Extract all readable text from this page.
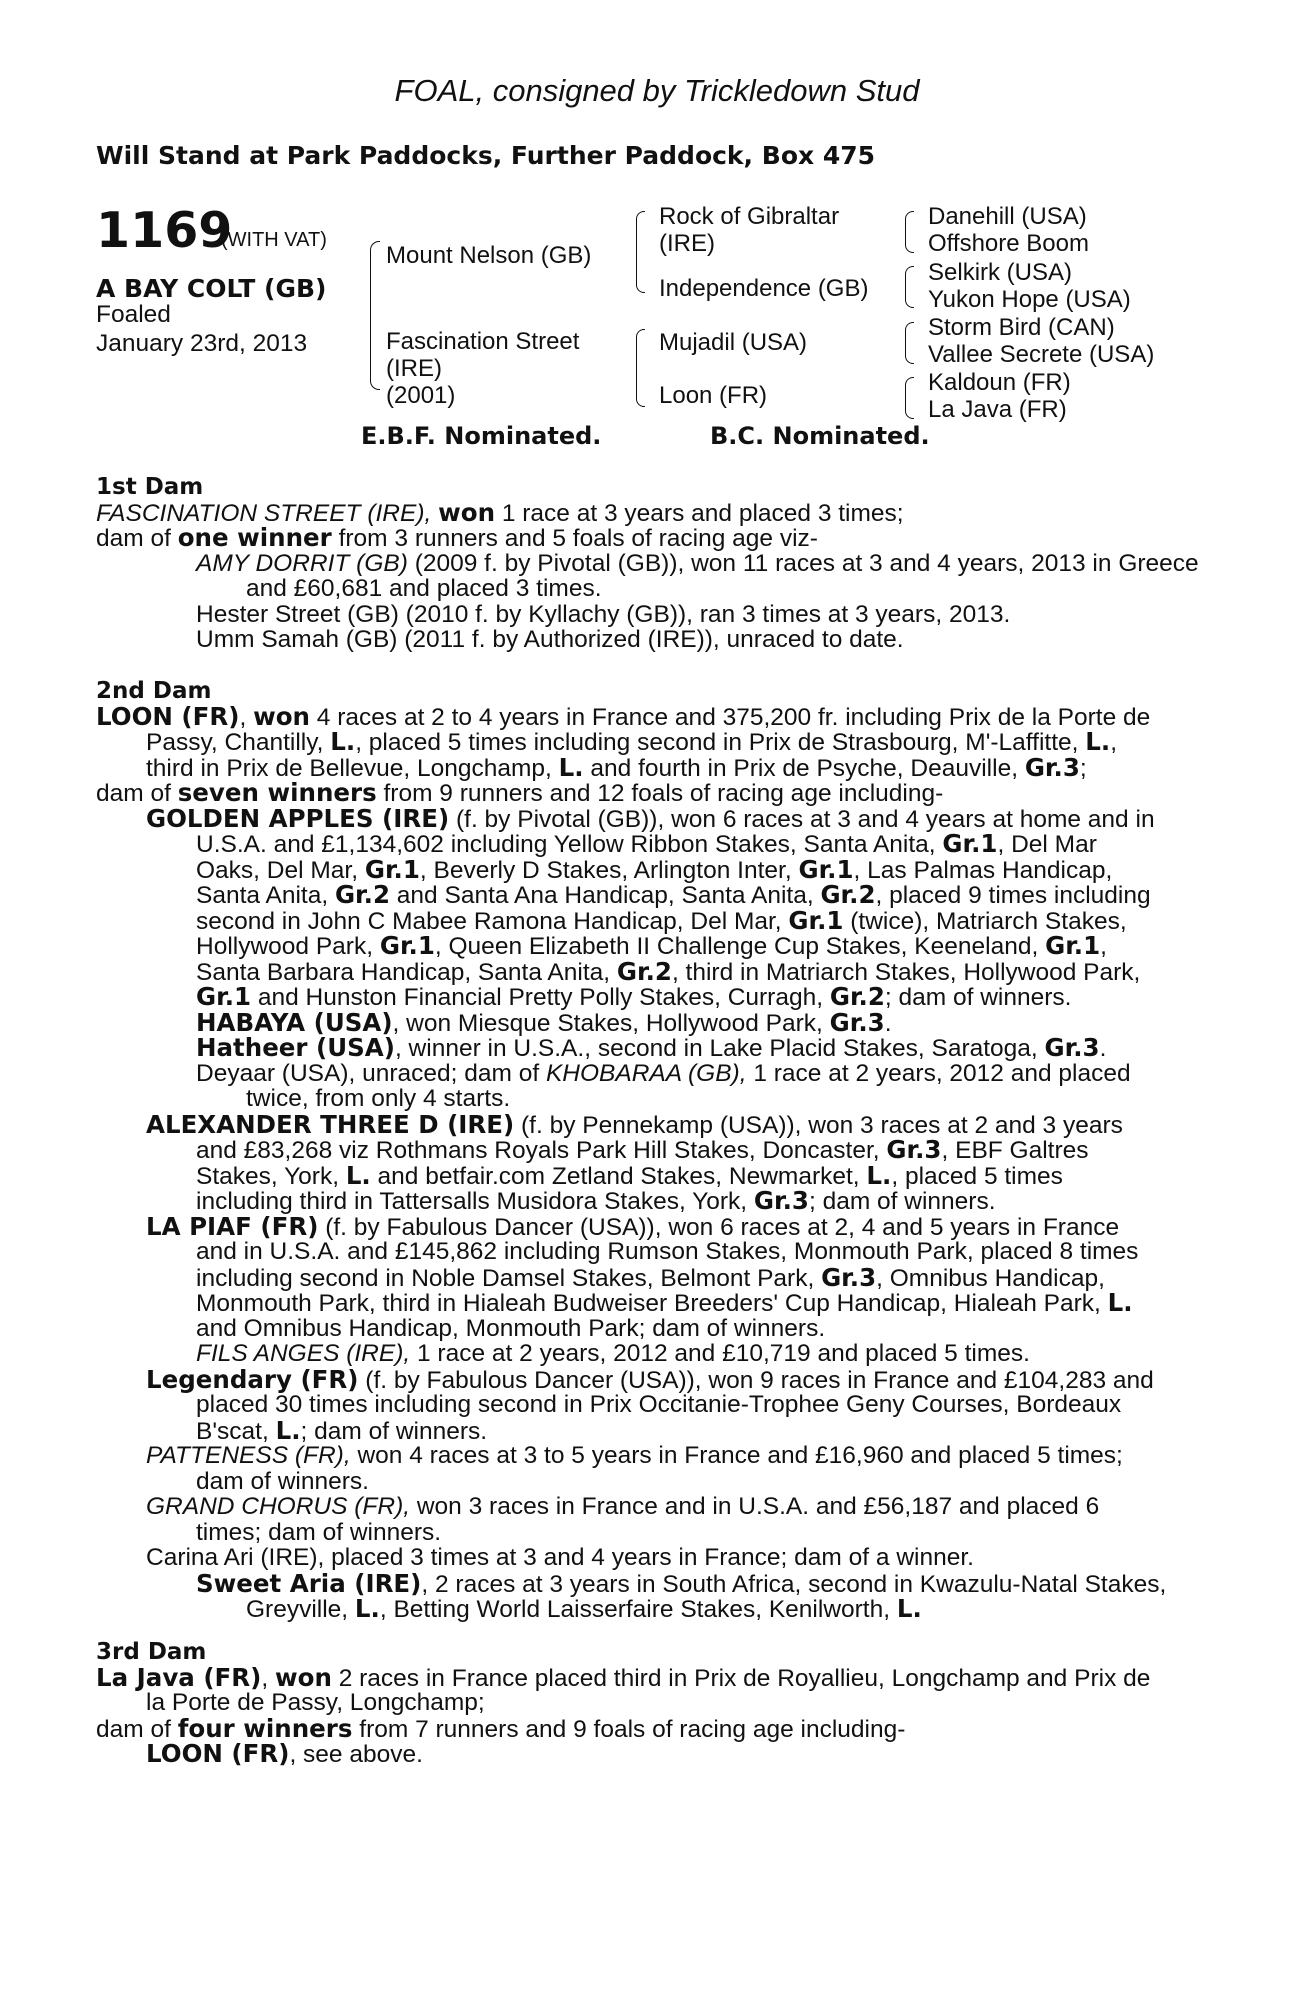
FOAL, consigned by Trickledown Stud
Will Stand at Park Paddocks, Further Paddock, Box 475
1169
(WITH VAT)
A BAY COLT (GB)
Foaled
January 23rd, 2013
Mount Nelson (GB)
Fascination Street
(IRE)
(2001)
Rock of Gibraltar
(IRE)
Independence (GB)
Mujadil (USA)
Loon (FR)
Danehill (USA)
Offshore Boom
Selkirk (USA)
Yukon Hope (USA)
Storm Bird (CAN)
Vallee Secrete (USA)
Kaldoun (FR)
La Java (FR)
E.B.F. Nominated.	B.C. Nominated.
1st Dam
FASCINATION STREET (IRE), won 1 race at 3 years and placed 3 times;
dam of one winner from 3 runners and 5 foals of racing age viz-
AMY DORRIT (GB) (2009 f. by Pivotal (GB)), won 11 races at 3 and 4 years, 2013 in Greece
and £60,681 and placed 3 times.
Hester Street (GB) (2010 f. by Kyllachy (GB)), ran 3 times at 3 years, 2013.
Umm Samah (GB) (2011 f. by Authorized (IRE)), unraced to date.
2nd Dam
LOON (FR), won 4 races at 2 to 4 years in France and 375,200 fr. including Prix de la Porte de
Passy, Chantilly, L., placed 5 times including second in Prix de Strasbourg, M'-Laffitte, L.,
third in Prix de Bellevue, Longchamp, L. and fourth in Prix de Psyche, Deauville, Gr.3;
dam of seven winners from 9 runners and 12 foals of racing age including-
GOLDEN APPLES (IRE) (f. by Pivotal (GB)), won 6 races at 3 and 4 years at home and in
U.S.A. and £1,134,602 including Yellow Ribbon Stakes, Santa Anita, Gr.1, Del Mar
Oaks, Del Mar, Gr.1, Beverly D Stakes, Arlington Inter, Gr.1, Las Palmas Handicap,
Santa Anita, Gr.2 and Santa Ana Handicap, Santa Anita, Gr.2, placed 9 times including
second in John C Mabee Ramona Handicap, Del Mar, Gr.1 (twice), Matriarch Stakes,
Hollywood Park, Gr.1, Queen Elizabeth II Challenge Cup Stakes, Keeneland, Gr.1,
Santa Barbara Handicap, Santa Anita, Gr.2, third in Matriarch Stakes, Hollywood Park,
Gr.1 and Hunston Financial Pretty Polly Stakes, Curragh, Gr.2; dam of winners.
HABAYA (USA), won Miesque Stakes, Hollywood Park, Gr.3.
Hatheer (USA), winner in U.S.A., second in Lake Placid Stakes, Saratoga, Gr.3.
Deyaar (USA), unraced; dam of KHOBARAA (GB), 1 race at 2 years, 2012 and placed
twice, from only 4 starts.
ALEXANDER THREE D (IRE) (f. by Pennekamp (USA)), won 3 races at 2 and 3 years
and £83,268 viz Rothmans Royals Park Hill Stakes, Doncaster, Gr.3, EBF Galtres
Stakes, York, L. and betfair.com Zetland Stakes, Newmarket, L., placed 5 times
including third in Tattersalls Musidora Stakes, York, Gr.3; dam of winners.
LA PIAF (FR) (f. by Fabulous Dancer (USA)), won 6 races at 2, 4 and 5 years in France
and in U.S.A. and £145,862 including Rumson Stakes, Monmouth Park, placed 8 times
including second in Noble Damsel Stakes, Belmont Park, Gr.3, Omnibus Handicap,
Monmouth Park, third in Hialeah Budweiser Breeders' Cup Handicap, Hialeah Park, L.
and Omnibus Handicap, Monmouth Park; dam of winners.
FILS ANGES (IRE), 1 race at 2 years, 2012 and £10,719 and placed 5 times.
Legendary (FR) (f. by Fabulous Dancer (USA)), won 9 races in France and £104,283 and
placed 30 times including second in Prix Occitanie-Trophee Geny Courses, Bordeaux
B'scat, L.; dam of winners.
PATTENESS (FR), won 4 races at 3 to 5 years in France and £16,960 and placed 5 times;
dam of winners.
GRAND CHORUS (FR), won 3 races in France and in U.S.A. and £56,187 and placed 6
times; dam of winners.
Carina Ari (IRE), placed 3 times at 3 and 4 years in France; dam of a winner.
Sweet Aria (IRE), 2 races at 3 years in South Africa, second in Kwazulu-Natal Stakes,
Greyville, L., Betting World Laisserfaire Stakes, Kenilworth, L.
3rd Dam
La Java (FR), won 2 races in France placed third in Prix de Royallieu, Longchamp and Prix de
la Porte de Passy, Longchamp;
dam of four winners from 7 runners and 9 foals of racing age including-
LOON (FR), see above.
